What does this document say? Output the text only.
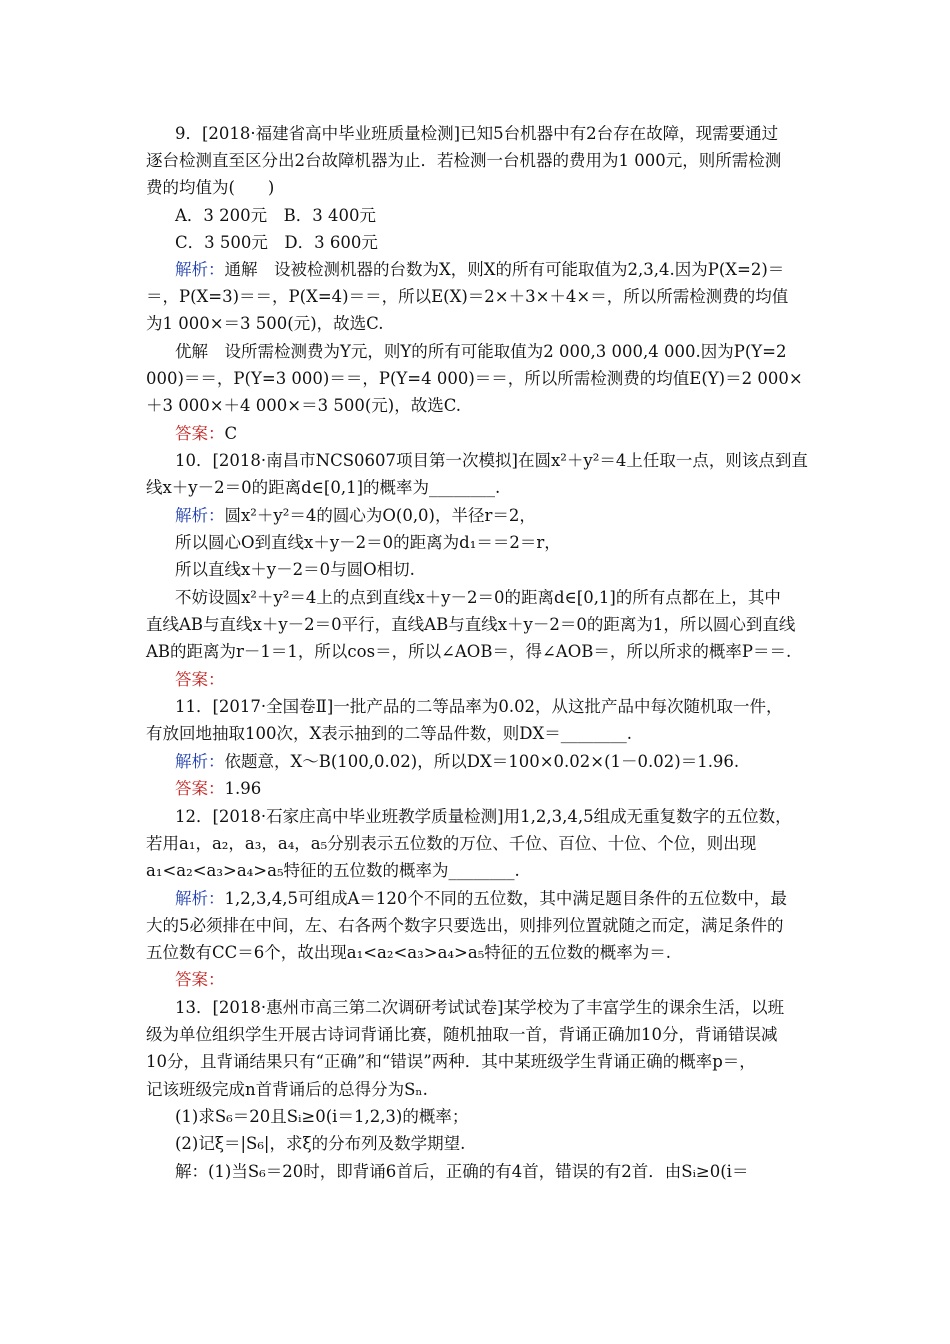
9．[2018·福建省高中毕业班质量检测]已知5台机器中有2台存在故障，现需要通过
逐台检测直至区分出2台故障机器为止．若检测一台机器的费用为1 000元，则所需检测
费的均值为(　　)
A．3 200元　B．3 400元
C．3 500元　D．3 600元
解析：通解　设被检测机器的台数为X，则X的所有可能取值为2,3,4.因为P(X=2)＝
＝，P(X=3)＝＝，P(X=4)＝＝，所以E(X)＝2×＋3×＋4×＝，所以所需检测费的均值
为1 000×＝3 500(元)，故选C.
优解　设所需检测费为Y元，则Y的所有可能取值为2 000,3 000,4 000.因为P(Y=2
000)＝＝，P(Y=3 000)＝＝，P(Y=4 000)＝＝，所以所需检测费的均值E(Y)＝2 000×
＋3 000×＋4 000×＝3 500(元)，故选C.
答案：C
10．[2018·南昌市NCS0607项目第一次模拟]在圆x²＋y²＝4上任取一点，则该点到直
线x＋y－2＝0的距离d∈[0,1]的概率为________.
解析：圆x²＋y²＝4的圆心为O(0,0)，半径r＝2，
所以圆心O到直线x＋y－2＝0的距离为d₁＝＝2＝r，
所以直线x＋y－2＝0与圆O相切.
不妨设圆x²＋y²＝4上的点到直线x＋y－2＝0的距离d∈[0,1]的所有点都在上，其中
直线AB与直线x＋y－2＝0平行，直线AB与直线x＋y－2＝0的距离为1，所以圆心到直线
AB的距离为r－1＝1，所以cos＝，所以∠AOB＝，得∠AOB＝，所以所求的概率P＝＝.
答案：
11．[2017·全国卷Ⅱ]一批产品的二等品率为0.02，从这批产品中每次随机取一件，
有放回地抽取100次，X表示抽到的二等品件数，则DX＝________.
解析：依题意，X～B(100,0.02)，所以DX＝100×0.02×(1－0.02)＝1.96.
答案：1.96
12．[2018·石家庄高中毕业班教学质量检测]用1,2,3,4,5组成无重复数字的五位数，
若用a₁，a₂，a₃，a₄，a₅分别表示五位数的万位、千位、百位、十位、个位，则出现
a₁<a₂<a₃>a₄>a₅特征的五位数的概率为________.
解析：1,2,3,4,5可组成A＝120个不同的五位数，其中满足题目条件的五位数中，最
大的5必须排在中间，左、右各两个数字只要选出，则排列位置就随之而定，满足条件的
五位数有CC＝6个，故出现a₁<a₂<a₃>a₄>a₅特征的五位数的概率为＝.
答案：
13．[2018·惠州市高三第二次调研考试试卷]某学校为了丰富学生的课余生活，以班
级为单位组织学生开展古诗词背诵比赛，随机抽取一首，背诵正确加10分，背诵错误减
10分，且背诵结果只有“正确”和“错误”两种．其中某班级学生背诵正确的概率p＝，
记该班级完成n首背诵后的总得分为Sₙ.
(1)求S₆＝20且Sᵢ≥0(i＝1,2,3)的概率；
(2)记ξ＝|S₆|，求ξ的分布列及数学期望.
解：(1)当S₆＝20时，即背诵6首后，正确的有4首，错误的有2首．由Sᵢ≥0(i＝
